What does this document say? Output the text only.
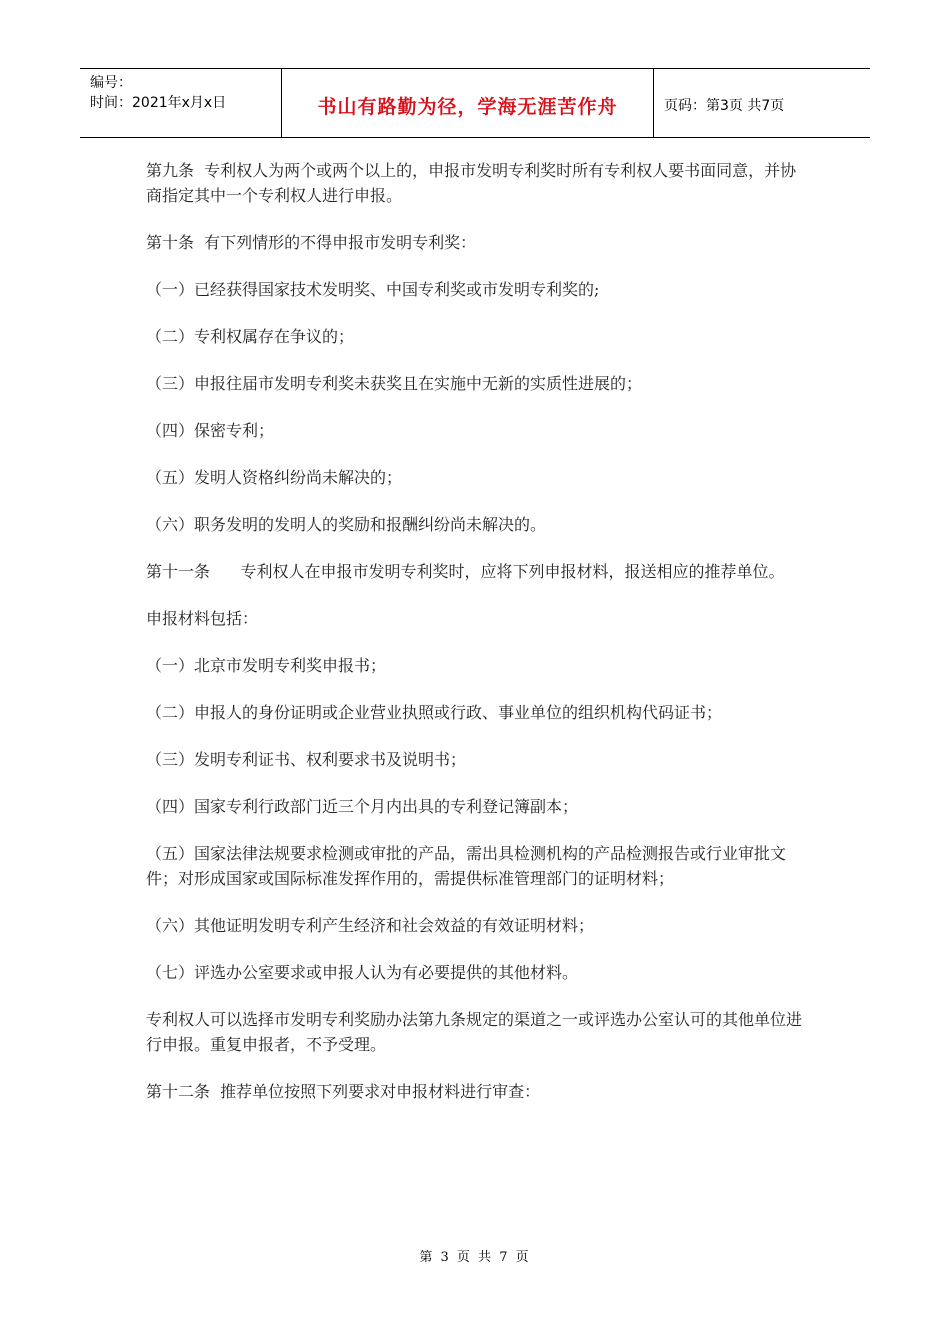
编号：
时间：2021年x月x日	书山有路勤为径，学海无涯苦作舟	页码：第3页 共7页

第九条  专利权人为两个或两个以上的，申报市发明专利奖时所有专利权人要书面同意，并协商指定其中一个专利权人进行申报。

第十条  有下列情形的不得申报市发明专利奖：

（一）已经获得国家技术发明奖、中国专利奖或市发明专利奖的;

（二）专利权属存在争议的；

（三）申报往届市发明专利奖未获奖且在实施中无新的实质性进展的；

（四）保密专利；

（五）发明人资格纠纷尚未解决的；

（六）职务发明的发明人的奖励和报酬纠纷尚未解决的。

第十一条      专利权人在申报市发明专利奖时，应将下列申报材料，报送相应的推荐单位。

申报材料包括：

（一）北京市发明专利奖申报书；

（二）申报人的身份证明或企业营业执照或行政、事业单位的组织机构代码证书；

（三）发明专利证书、权利要求书及说明书；

（四）国家专利行政部门近三个月内出具的专利登记簿副本；

（五）国家法律法规要求检测或审批的产品，需出具检测机构的产品检测报告或行业审批文件；对形成国家或国际标准发挥作用的，需提供标准管理部门的证明材料；

（六）其他证明发明专利产生经济和社会效益的有效证明材料；

（七）评选办公室要求或申报人认为有必要提供的其他材料。

专利权人可以选择市发明专利奖励办法第九条规定的渠道之一或评选办公室认可的其他单位进行申报。重复申报者，不予受理。

第十二条  推荐单位按照下列要求对申报材料进行审查：

第 3 页 共 7 页
